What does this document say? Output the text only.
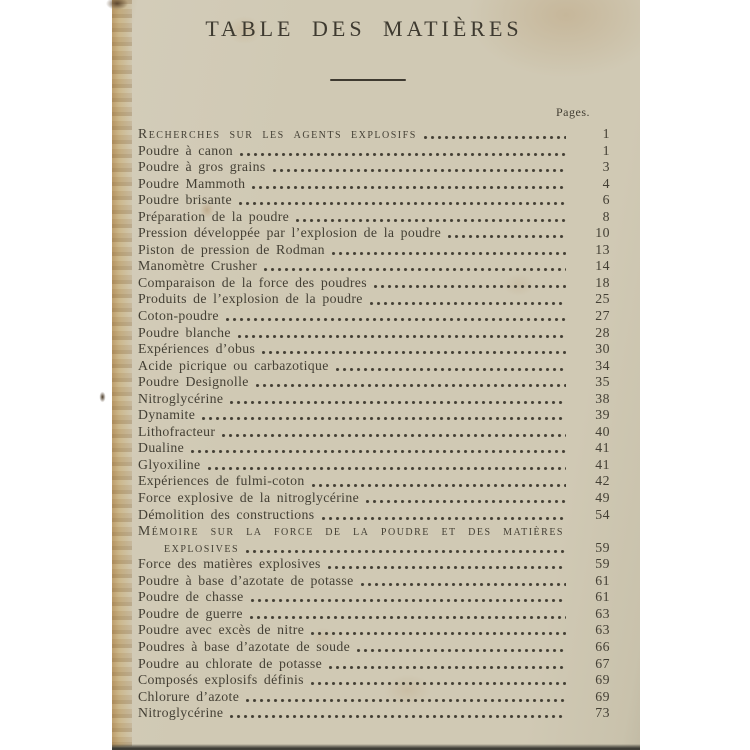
TABLE DES MATIÈRES
Pages.
Recherches sur les agents explosifs	1
Poudre à canon	1
Poudre à gros grains	3
Poudre Mammoth	4
Poudre brisante	6
Préparation de la poudre	8
Pression développée par l’explosion de la poudre	10
Piston de pression de Rodman	13
Manomètre Crusher	14
Comparaison de la force des poudres	18
Produits de l’explosion de la poudre	25
Coton-poudre	27
Poudre blanche	28
Expériences d’obus	30
Acide picrique ou carbazotique	34
Poudre Designolle	35
Nitroglycérine	38
Dynamite	39
Lithofracteur	40
Dualine	41
Glyoxiline	41
Expériences de fulmi-coton	42
Force explosive de la nitroglycérine	49
Démolition des constructions	54
Mémoire sur la force de la poudre et des matières
explosives	59
Force des matières explosives	59
Poudre à base d’azotate de potasse	61
Poudre de chasse	61
Poudre de guerre	63
Poudre avec excès de nitre	63
Poudres à base d’azotate de soude	66
Poudre au chlorate de potasse	67
Composés explosifs définis	69
Chlorure d’azote	69
Nitroglycérine	73
